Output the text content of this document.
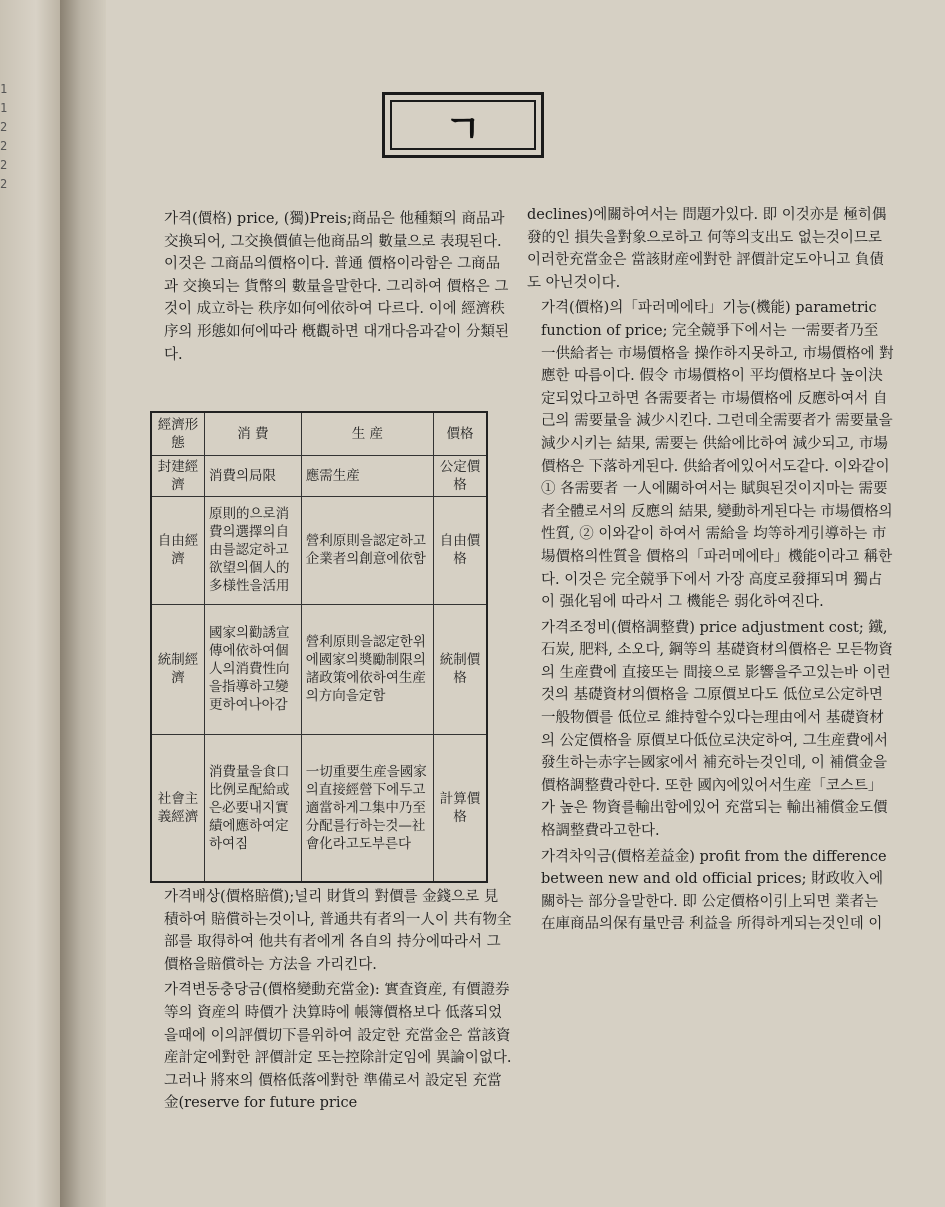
1
1
2
2
2
2
ㄱ

가격(價格) price, (獨)Preis;商品은 他種類의 商品과 交換되어, 그交換價値는他商品의 數量으로 表現된다. 이것은 그商品의價格이다. 普通 價格이라함은 그商品과 交換되는 貨幣의 數量을말한다. 그리하여 價格은 그것이 成立하는 秩序如何에依하여 다르다. 이에 經濟秩序의 形態如何에따라 槪觀하면 대개다음과같이 分類된다.

經濟形態	消 費	生 産	價格
封建經濟	消費의局限	應需生産	公定價格
自由經濟	原則的으로消費의選擇의自由를認定하고欲望의個人的多様性을活用	營利原則을認定하고企業者의創意에依함	自由價格
統制經濟	國家의勸誘宣傳에依하여個人의消費性向을指導하고變更하여나아감	營利原則을認定한위에國家의奬勵制限의諸政策에依하여生産의方向을定함	統制價格
社會主義經濟	消費量을食口比例로配給或은必要내지實績에應하여定하여짐	一切重要生産을國家의直接經營下에두고適當하게그集中乃至分配를行하는것—社會化라고도부른다	計算價格

가격배상(價格賠償);널리 財貨의 對價를 金錢으로 見積하여 賠償하는것이나, 普通共有者의一人이 共有物全部를 取得하여 他共有者에게 各自의 持分에따라서 그價格을賠償하는 方法을 가리킨다.

가격변동충당금(價格變動充當金): 實査資産, 有價證券等의 資産의 時價가 決算時에 帳簿價格보다 低落되었을때에 이의評價切下를위하여 設定한 充當金은 當該資産計定에對한 評價計定 또는控除計定임에 異論이없다. 그러나 將來의 價格低落에對한 準備로서 設定된 充當金(reserve for future price

declines)에關하여서는 問題가있다. 即 이것亦是 極히偶發的인 損失을對象으로하고 何等의支出도 없는것이므로 이러한充當金은 當該財産에對한 評價計定도아니고 負債도 아닌것이다.

가격(價格)의「파러메에타」기능(機能) parametric function of price; 完全競爭下에서는 一需要者乃至 一供給者는 市場價格을 操作하지못하고, 市場價格에 對應한 따름이다. 假令 市場價格이 平均價格보다 높이決定되었다고하면 各需要者는 市場價格에 反應하여서 自己의 需要量을 減少시킨다. 그런데全需要者가 需要量을 減少시키는 結果, 需要는 供給에比하여 減少되고, 市場價格은 下落하게된다. 供給者에있어서도같다. 이와같이 ① 各需要者 一人에關하여서는 賦與된것이지마는 需要者全體로서의 反應의 結果, 變動하게된다는 市場價格의性質, ② 이와같이 하여서 需給을 均等하게引導하는 市場價格의性質을 價格의「파러메에타」機能이라고 稱한다. 이것은 完全競爭下에서 가장 高度로發揮되며 獨占이 强化됨에 따라서 그 機能은 弱化하여진다.

가격조정비(價格調整費) price adjustment cost; 鐵, 石炭, 肥料, 소오다, 鋼等의 基礎資材의價格은 모든物資의 生産費에 直接또는 間接으로 影響을주고있는바 이런것의 基礎資材의價格을 그原價보다도 低位로公定하면 一般物價를 低位로 維持할수있다는理由에서 基礎資材의 公定價格을 原價보다低位로決定하여, 그生産費에서 發生하는赤字는國家에서 補充하는것인데, 이 補償金을 價格調整費라한다. 또한 國內에있어서生産「코스트」가 높은 物資를輸出함에있어 充當되는 輸出補償金도價格調整費라고한다.

가격차익금(價格差益金) profit from the difference between new and old official prices; 財政收入에關하는 部分을말한다. 即 公定價格이引上되면 業者는 在庫商品의保有量만큼 利益을 所得하게되는것인데 이
